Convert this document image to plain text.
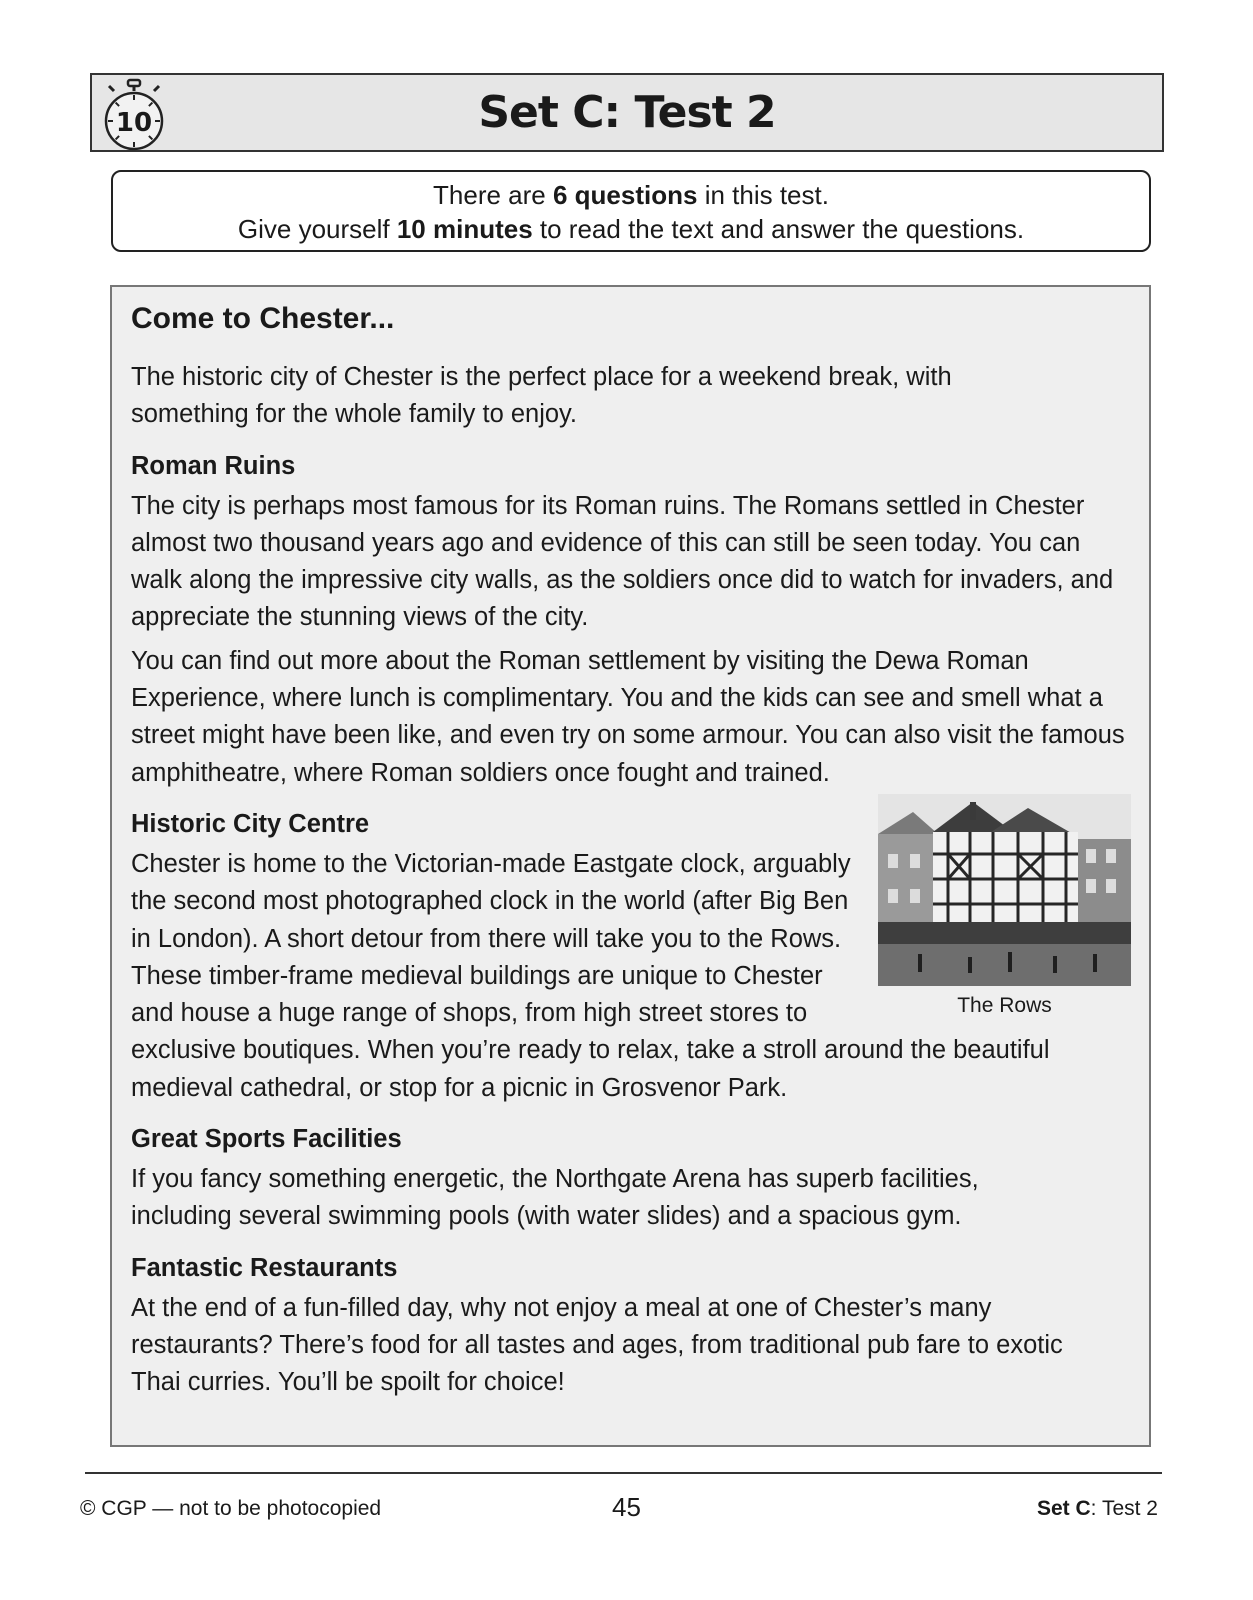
10	Set C: Test 2

There are 6 questions in this test.

Give yourself 10 minutes to read the text and answer the questions.

Come to Chester...

The historic city of Chester is the perfect place for a weekend break, with something for the whole family to enjoy.

Roman Ruins

The city is perhaps most famous for its Roman ruins. The Romans settled in Chester almost two thousand years ago and evidence of this can still be seen today. You can walk along the impressive city walls, as the soldiers once did to watch for invaders, and appreciate the stunning views of the city.

You can find out more about the Roman settlement by visiting the Dewa Roman Experience, where lunch is complimentary. You and the kids can see and smell what a street might have been like, and even try on some armour. You can also visit the famous amphitheatre, where Roman soldiers once fought and trained.

The Rows
Historic City Centre

Chester is home to the Victorian-made Eastgate clock, arguably the second most photographed clock in the world (after Big Ben in London). A short detour from there will take you to the Rows. These timber-frame medieval buildings are unique to Chester and house a huge range of shops, from high street stores to exclusive boutiques. When you’re ready to relax, take a stroll around the beautiful medieval cathedral, or stop for a picnic in Grosvenor Park.

Great Sports Facilities

If you fancy something energetic, the Northgate Arena has superb facilities, including several swimming pools (with water slides) and a spacious gym.

Fantastic Restaurants

At the end of a fun-filled day, why not enjoy a meal at one of Chester’s many restaurants? There’s food for all tastes and ages, from traditional pub fare to exotic Thai curries. You’ll be spoilt for choice!

© CGP — not to be photocopied	45	Set C: Test 2
